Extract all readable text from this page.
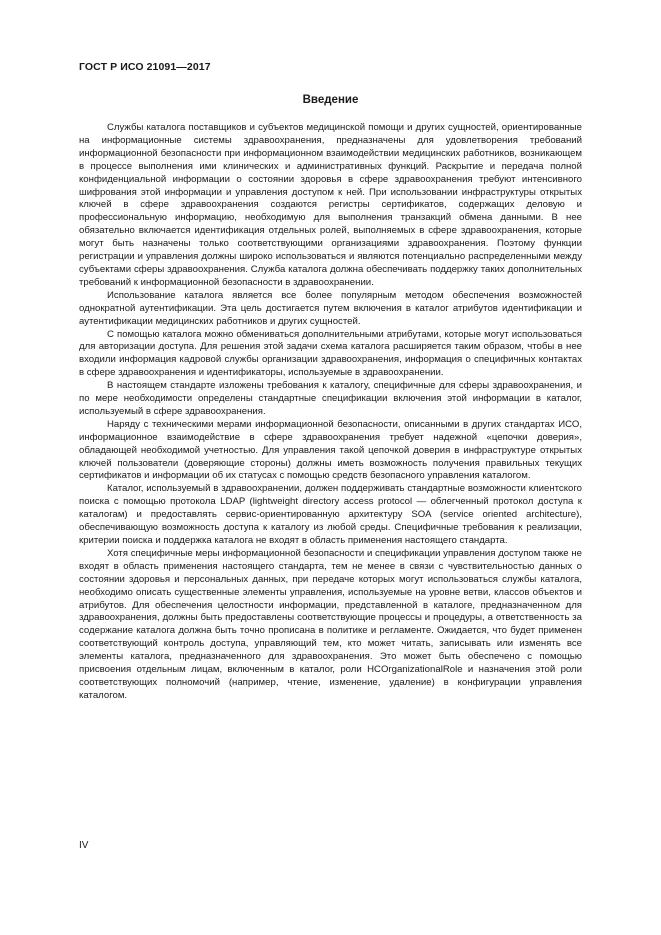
ГОСТ Р ИСО 21091—2017
Введение

Службы каталога поставщиков и субъектов медицинской помощи и других сущностей, ориентированные на информационные системы здравоохранения, предназначены для удовлетворения требований информационной безопасности при информационном взаимодействии медицинских работников, возникающем в процессе выполнения ими клинических и административных функций. Раскрытие и передача полной конфиденциальной информации о состоянии здоровья в сфере здравоохранения требуют интенсивного шифрования этой информации и управления доступом к ней. При использовании инфраструктуры открытых ключей в сфере здравоохранения создаются регистры сертификатов, содержащих деловую и профессиональную информацию, необходимую для выполнения транзакций обмена данными. В нее обязательно включается идентификация отдельных ролей, выполняемых в сфере здравоохранения, которые могут быть назначены только соответствующими организациями здравоохранения. Поэтому функции регистрации и управления должны широко использоваться и являются потенциально распределенными между субъектами сферы здравоохранения. Служба каталога должна обеспечивать поддержку таких дополнительных требований к информационной безопасности в здравоохранении.

Использование каталога является все более популярным методом обеспечения возможностей однократной аутентификации. Эта цель достигается путем включения в каталог атрибутов идентификации и аутентификации медицинских работников и других сущностей.

С помощью каталога можно обмениваться дополнительными атрибутами, которые могут использоваться для авторизации доступа. Для решения этой задачи схема каталога расширяется таким образом, чтобы в нее входили информация кадровой службы организации здравоохранения, информация о специфичных контактах в сфере здравоохранения и идентификаторы, используемые в здравоохранении.

В настоящем стандарте изложены требования к каталогу, специфичные для сферы здравоохранения, и по мере необходимости определены стандартные спецификации включения этой информации в каталог, используемый в сфере здравоохранения.

Наряду с техническими мерами информационной безопасности, описанными в других стандартах ИСО, информационное взаимодействие в сфере здравоохранения требует надежной «цепочки доверия», обладающей необходимой учетностью. Для управления такой цепочкой доверия в инфраструктуре открытых ключей пользователи (доверяющие стороны) должны иметь возможность получения правильных текущих сертификатов и информации об их статусах с помощью средств безопасного управления каталогом.

Каталог, используемый в здравоохранении, должен поддерживать стандартные возможности клиентского поиска с помощью протокола LDAP (lightweight directory access protocol — облегченный протокол доступа к каталогам) и предоставлять сервис-ориентированную архитектуру SOA (service oriented architecture), обеспечивающую возможность доступа к каталогу из любой среды. Специфичные требования к реализации, критерии поиска и поддержка каталога не входят в область применения настоящего стандарта.

Хотя специфичные меры информационной безопасности и спецификации управления доступом также не входят в область применения настоящего стандарта, тем не менее в связи с чувствительностью данных о состоянии здоровья и персональных данных, при передаче которых могут использоваться службы каталога, необходимо описать существенные элементы управления, используемые на уровне ветви, классов объектов и атрибутов. Для обеспечения целостности информации, представленной в каталоге, предназначенном для здравоохранения, должны быть предоставлены соответствующие процессы и процедуры, а ответственность за содержание каталога должна быть точно прописана в политике и регламенте. Ожидается, что будет применен соответствующий контроль доступа, управляющий тем, кто может читать, записывать или изменять все элементы каталога, предназначенного для здравоохранения. Это может быть обеспечено с помощью присвоения отдельным лицам, включенным в каталог, роли HCOrganizationalRole и назначения этой роли соответствующих полномочий (например, чтение, изменение, удаление) в конфигурации управления каталогом.

IV
